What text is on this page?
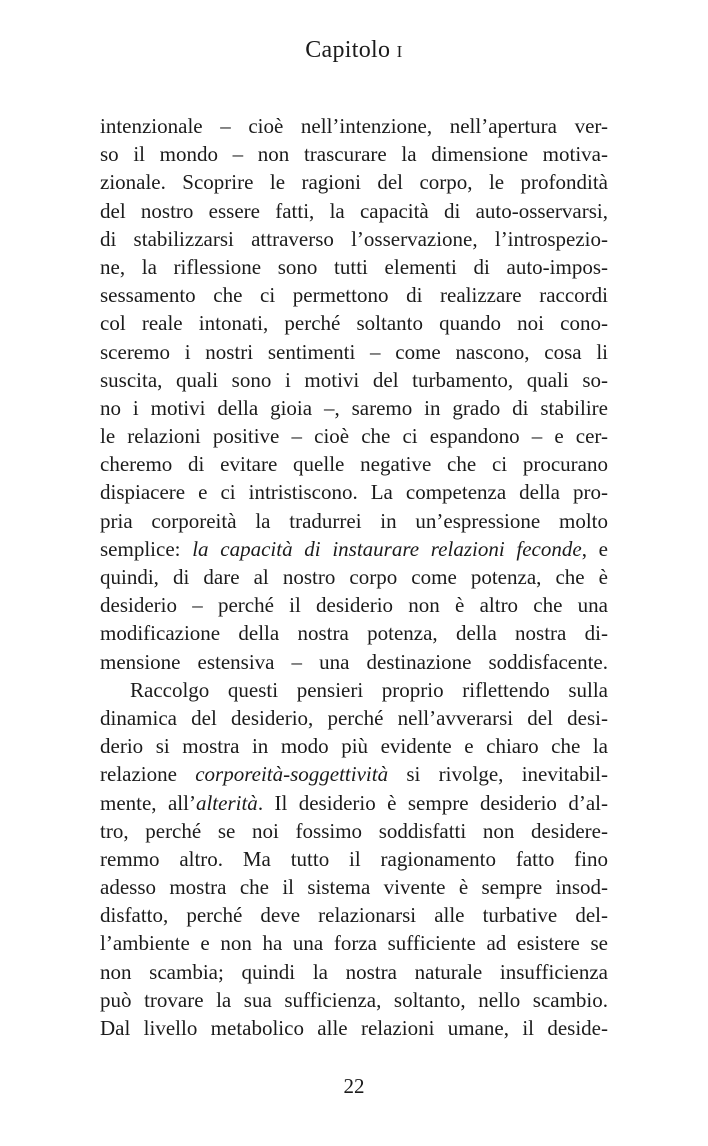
Capitolo I
intenzionale – cioè nell’intenzione, nell’apertura ver-
so il mondo – non trascurare la dimensione motiva-
zionale. Scoprire le ragioni del corpo, le profondità
del nostro essere fatti, la capacità di auto-osservarsi,
di stabilizzarsi attraverso l’osservazione, l’introspezio-
ne, la riflessione sono tutti elementi di auto-impos-
sessamento che ci permettono di realizzare raccordi
col reale intonati, perché soltanto quando noi cono-
sceremo i nostri sentimenti – come nascono, cosa li
suscita, quali sono i motivi del turbamento, quali so-
no i motivi della gioia –, saremo in grado di stabilire
le relazioni positive – cioè che ci espandono – e cer-
cheremo di evitare quelle negative che ci procurano
dispiacere e ci intristiscono. La competenza della pro-
pria corporeità la tradurrei in un’espressione molto
semplice: la capacità di instaurare relazioni feconde, e
quindi, di dare al nostro corpo come potenza, che è
desiderio – perché il desiderio non è altro che una
modificazione della nostra potenza, della nostra di-
mensione estensiva – una destinazione soddisfacente.
Raccolgo questi pensieri proprio riflettendo sulla
dinamica del desiderio, perché nell’avverarsi del desi-
derio si mostra in modo più evidente e chiaro che la
relazione corporeità-soggettività si rivolge, inevitabil-
mente, all’alterità. Il desiderio è sempre desiderio d’al-
tro, perché se noi fossimo soddisfatti non desidere-
remmo altro. Ma tutto il ragionamento fatto fino
adesso mostra che il sistema vivente è sempre insod-
disfatto, perché deve relazionarsi alle turbative del-
l’ambiente e non ha una forza sufficiente ad esistere se
non scambia; quindi la nostra naturale insufficienza
può trovare la sua sufficienza, soltanto, nello scambio.
Dal livello metabolico alle relazioni umane, il deside-
22
